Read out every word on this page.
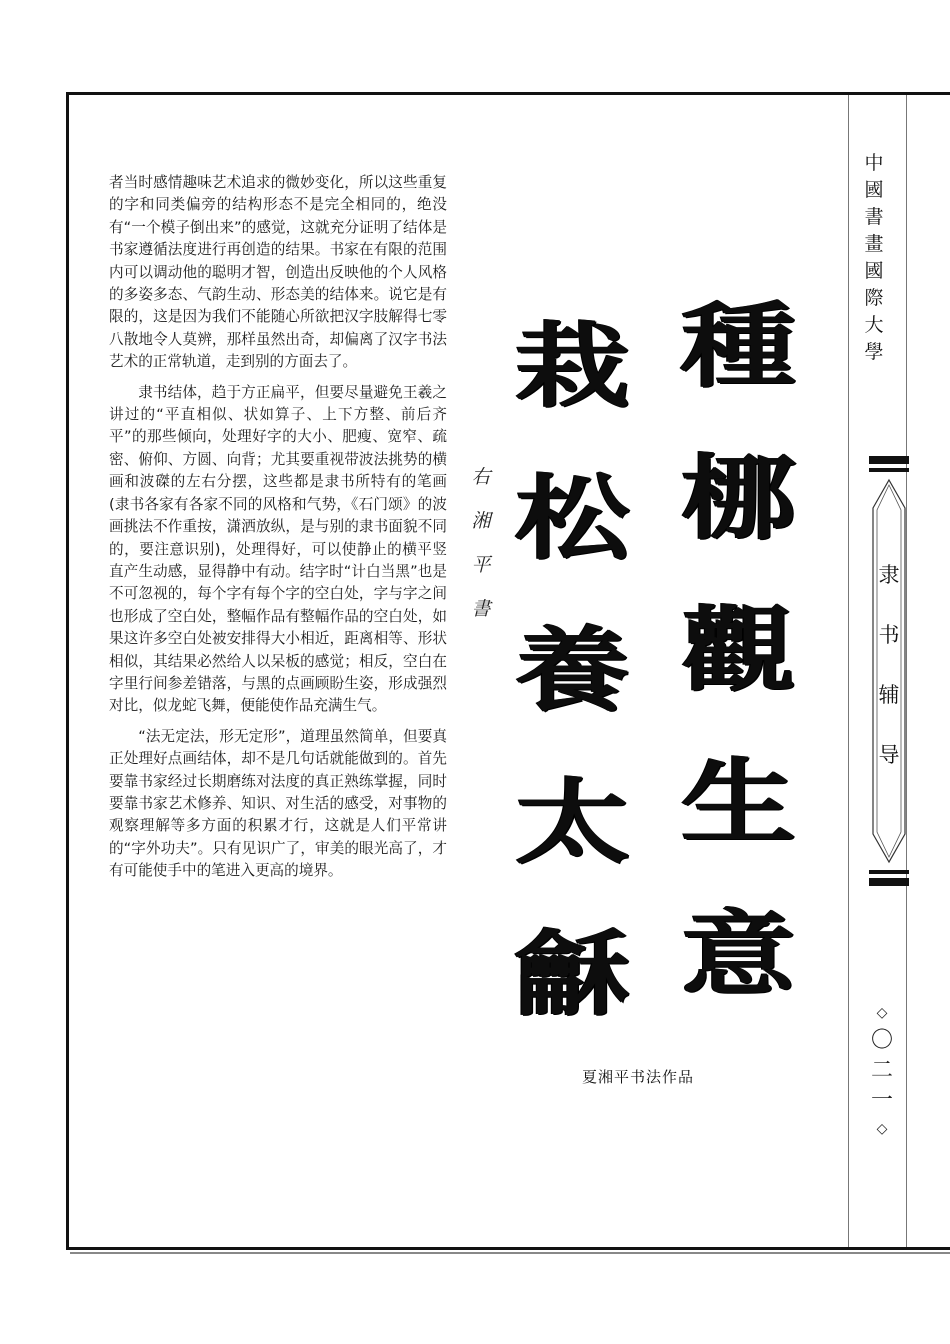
中國書畫國際大學
隶书辅导
◇
〇二一
◇

者当时感情趣味艺术追求的微妙变化，所以这些重复的字和同类偏旁的结构形态不是完全相同的，绝没有“一个模子倒出来”的感觉，这就充分证明了结体是书家遵循法度进行再创造的结果。书家在有限的范围内可以调动他的聪明才智，创造出反映他的个人风格的多姿多态、气韵生动、形态美的结体来。说它是有限的，这是因为我们不能随心所欲把汉字肢解得七零八散地令人莫辨，那样虽然出奇，却偏离了汉字书法艺术的正常轨道，走到别的方面去了。

隶书结体，趋于方正扁平，但要尽量避免王羲之讲过的“平直相似、状如算子、上下方整、前后齐平”的那些倾向，处理好字的大小、肥瘦、宽窄、疏密、俯仰、方圆、向背；尤其要重视带波法挑势的横画和波磔的左右分摆，这些都是隶书所特有的笔画(隶书各家有各家不同的风格和气势，《石门颂》的波画挑法不作重按，潇洒放纵，是与别的隶书面貌不同的，要注意识别)，处理得好，可以使静止的横平竖直产生动感，显得静中有动。结字时“计白当黑”也是不可忽视的，每个字有每个字的空白处，字与字之间也形成了空白处，整幅作品有整幅作品的空白处，如果这许多空白处被安排得大小相近，距离相等、形状相似，其结果必然给人以呆板的感觉；相反，空白在字里行间参差错落，与黑的点画顾盼生姿，形成强烈对比，似龙蛇飞舞，便能使作品充满生气。

“法无定法，形无定形”，道理虽然简单，但要真正处理好点画结体，却不是几句话就能做到的。首先要靠书家经过长期磨练对法度的真正熟练掌握，同时要靠书家艺术修养、知识、对生活的感受，对事物的观察理解等多方面的积累才行，这就是人们平常讲的“字外功夫”。只有见识广了，审美的眼光高了，才有可能使手中的笔进入更高的境界。

種
梛
觀
生
意
栽
松
養
太
龢
右
湘
平
書
夏湘平书法作品
